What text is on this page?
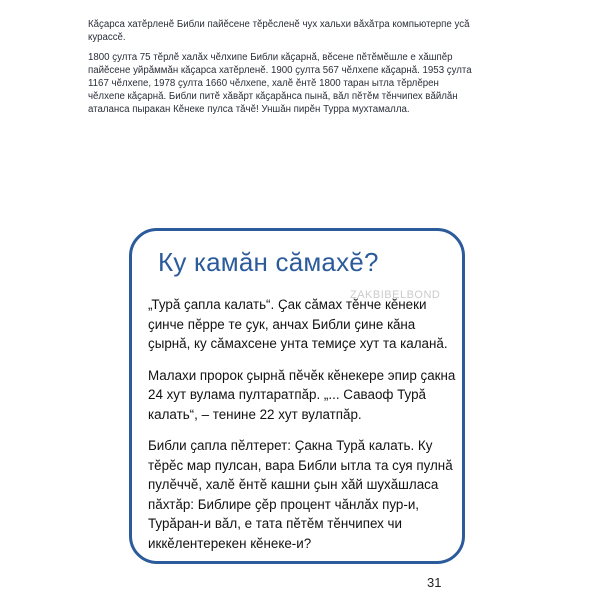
Кӑҫарса хатӗрленӗ Библи пайӗсене тӗрӗсленӗ чух хальхи вӑхӑтра компьютерпе усӑ курассӗ.

1800 ҫулта 75 тӗрлӗ халӑх чӗлхипе Библи кӑҫарнӑ, вӗсене пӗтӗмӗшле е хӑшпӗр пайӗсене уйрӑммӑн кӑҫарса хатӗрленӗ. 1900 ҫулта 567 чӗлхепе кӑҫарнӑ. 1953 ҫулта 1167 чӗлхепе, 1978 ҫулта 1660 чӗлхепе, халӗ ӗнтӗ 1800 таран ытла тӗрлӗрен чӗлхепе кӑҫарнӑ. Библи питӗ хӑвӑрт кӑҫарӑнса пынӑ, вӑл пӗтӗм тӗнчипех вӑйлӑн аталанса пыракан Кӗнеке пулса тӑчӗ! Уншӑн пирӗн Турра мухтамалла.

Ку камӑн сӑмахӗ?

„Турӑ ҫапла калать“. Ҫак сӑмах тӗнче кӗнеки ҫинче пӗрре те ҫук, анчах Библи ҫине кӑна ҫырнӑ, ку сӑмахсене унта темиҫе хут та каланӑ.

Малахи пророк ҫырнӑ пӗчӗк кӗнекере эпир ҫакна 24 хут вулама пултаратпӑр. „... Саваоф Турӑ калать“, – тенине 22 хут вулатпӑр.

Библи ҫапла пӗлтерет: Ҫакна Турӑ калать. Ку тӗрӗс мар пулсан, вара Библи ытла та суя пулнӑ пулӗччӗ, халӗ ӗнтӗ кашни ҫын хӑй шухӑшласа пӑхтӑр: Библире ҫӗр процент чӑнлӑх пур-и, Турӑран-и вӑл, е тата пӗтӗм тӗнчипех чи иккӗлентерекен кӗнеке-и?

ZAKBIBELBOND
31
